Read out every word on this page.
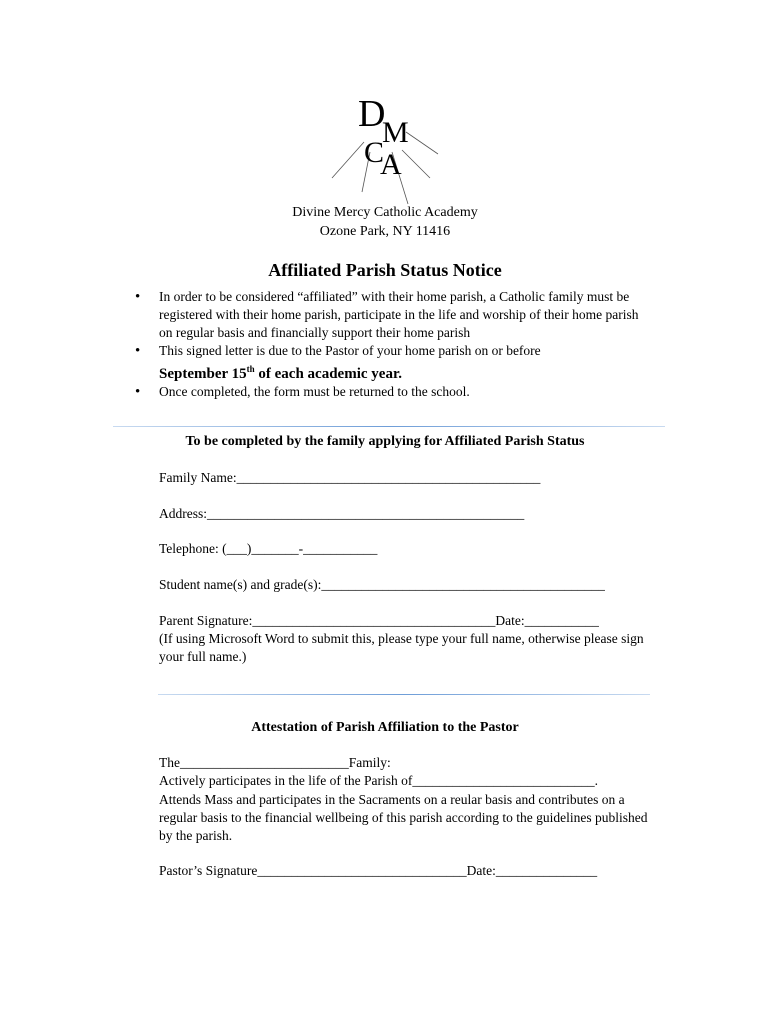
D
M
C
A
Divine Mercy Catholic Academy
Ozone Park, NY 11416
Affiliated Parish Status Notice
• In order to be considered “affiliated” with their home parish, a Catholic family must be registered with their home parish, participate in the life and worship of their home parish on regular basis and financially support their home parish
• This signed letter is due to the Pastor of your home parish on or before
September 15th of each academic year.
• Once completed, the form must be returned to the school.
To be completed by the family applying for Affiliated Parish Status
Family Name:_____________________________________________
Address:_______________________________________________
Telephone: (___)_______-___________
Student name(s) and grade(s):__________________________________________
Parent Signature:____________________________________Date:___________
(If using Microsoft Word to submit this, please type your full name, otherwise please sign your full name.)
Attestation of Parish Affiliation to the Pastor
The_________________________Family:
Actively participates in the life of the Parish of___________________________.
Attends Mass and participates in the Sacraments on a reular basis and contributes on a regular basis to the financial wellbeing of this parish according to the guidelines published by the parish.
Pastor’s Signature_______________________________Date:_______________
